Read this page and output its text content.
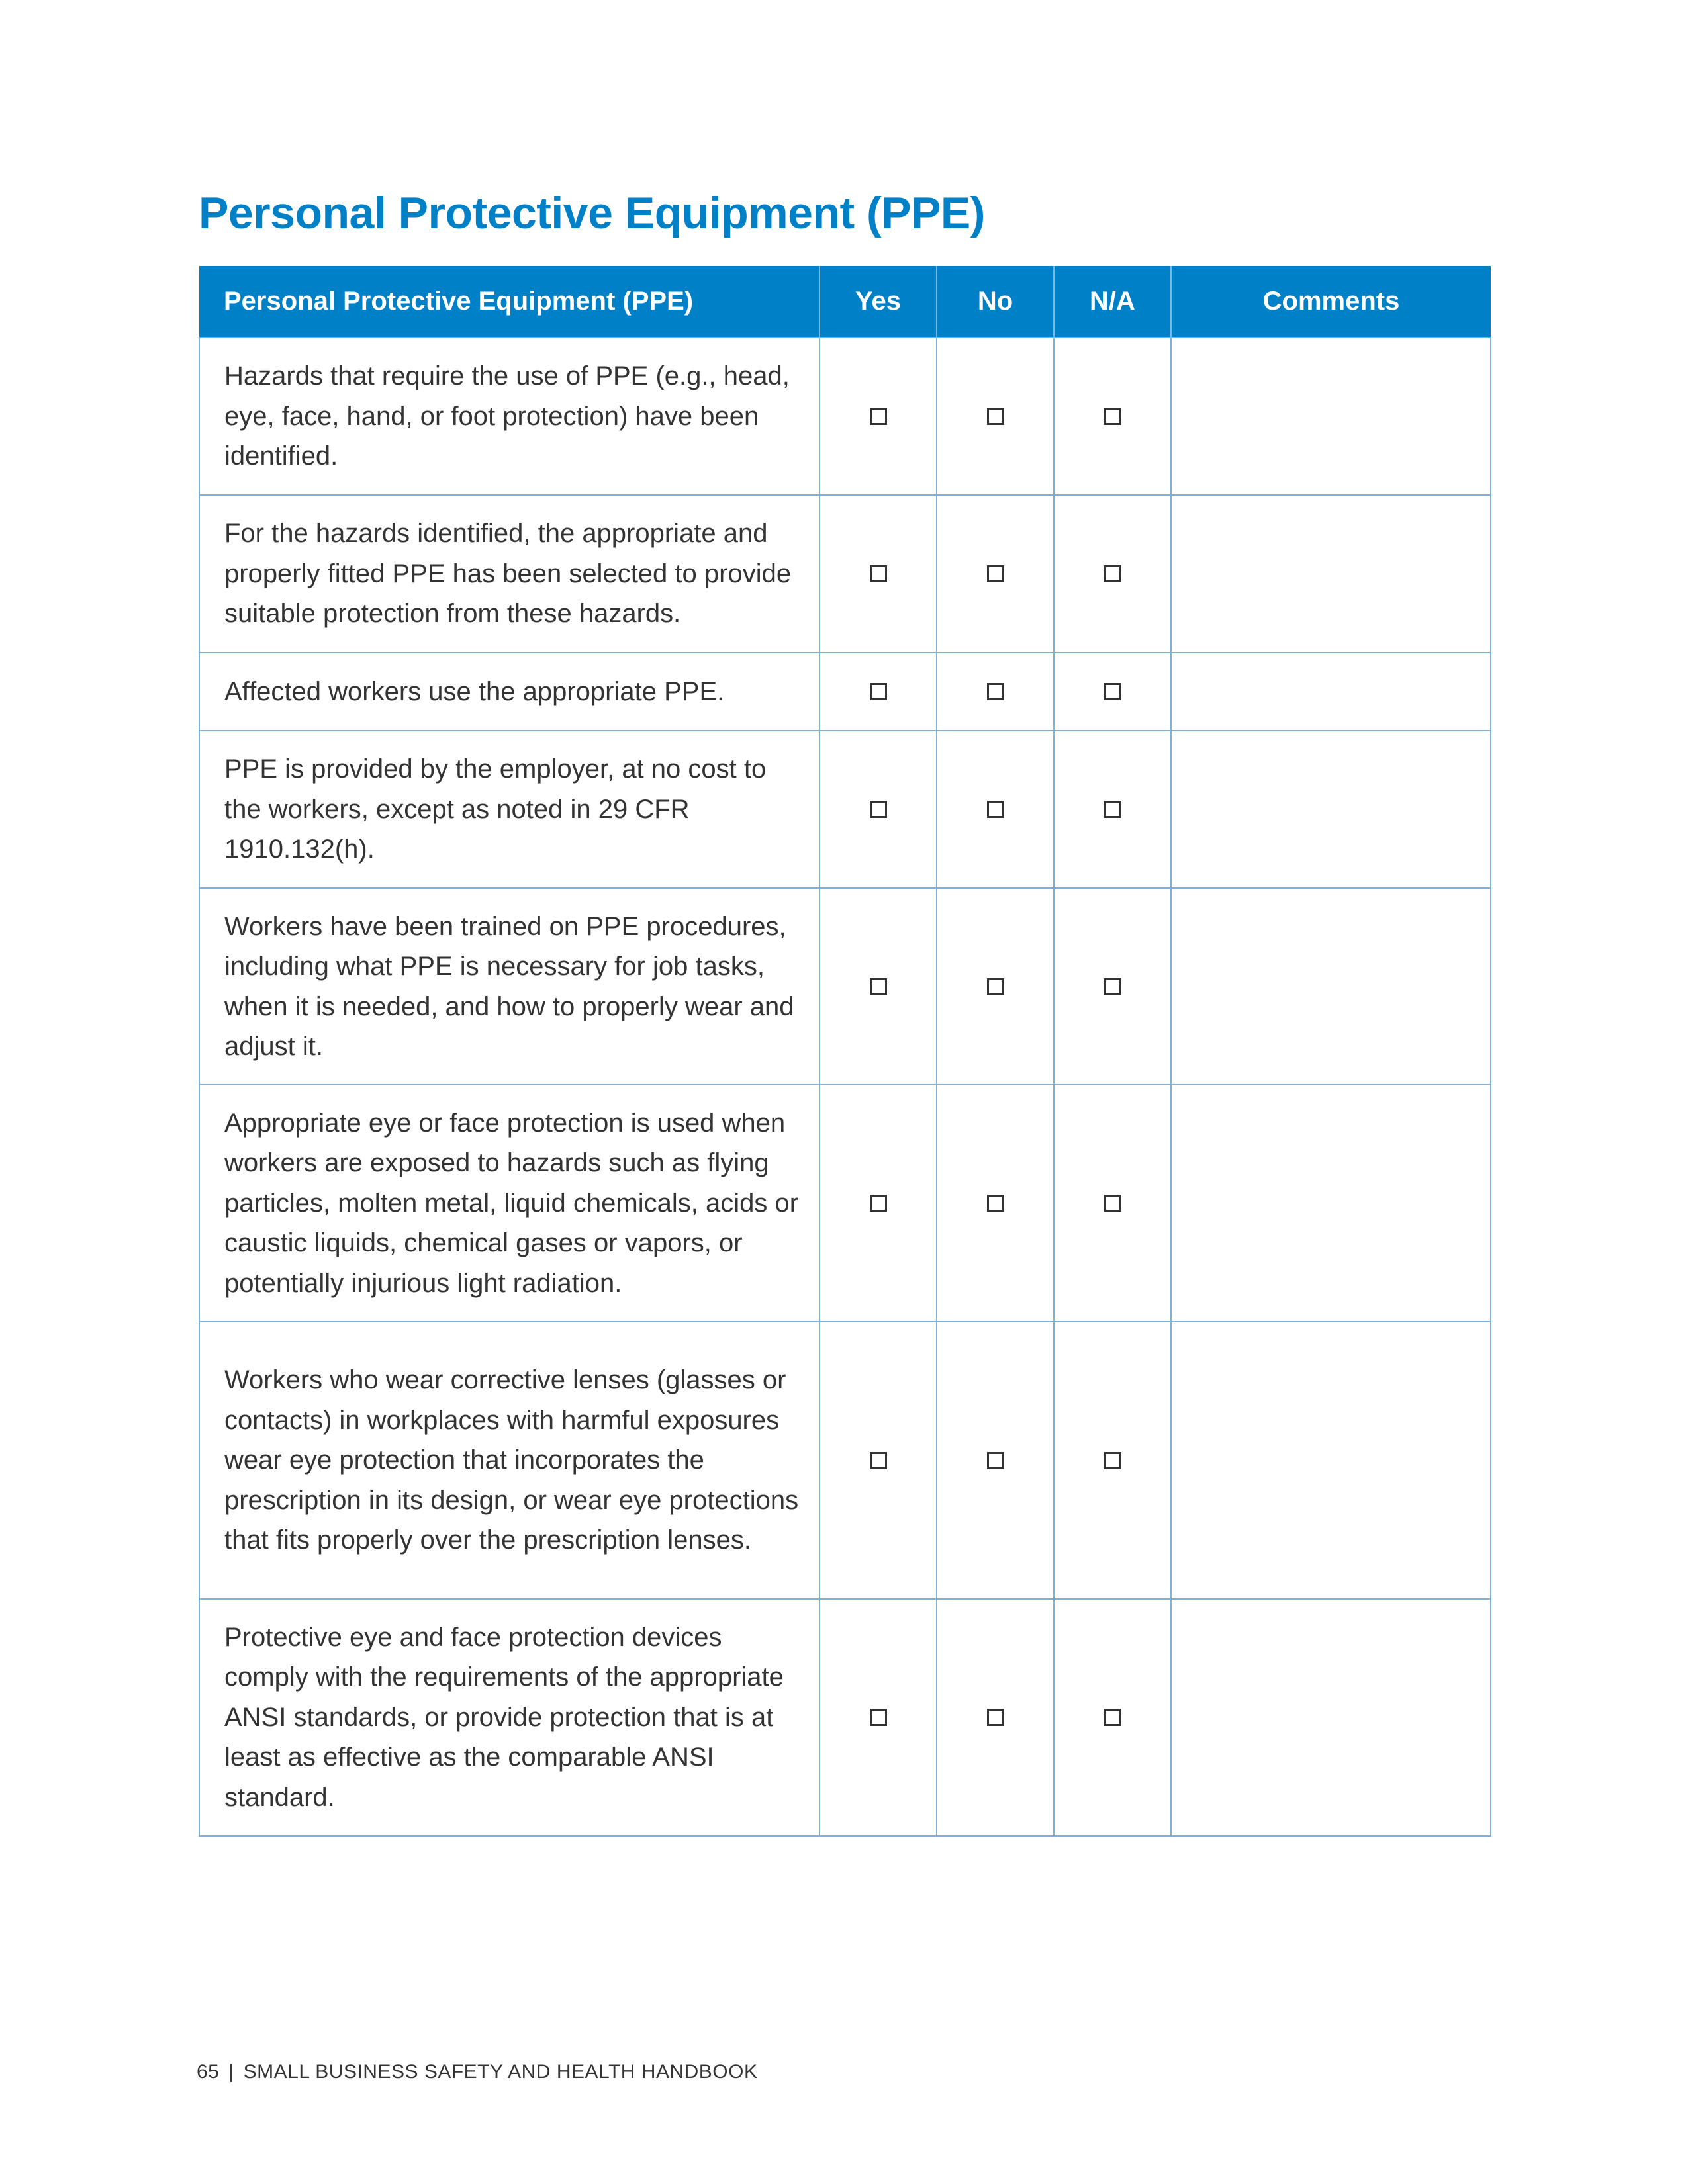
Personal Protective Equipment (PPE)
Personal Protective Equipment (PPE)	Yes	No	N/A	Comments
Hazards that require the use of PPE (e.g., head, eye, face, hand, or foot protection) have been identified.				
For the hazards identified, the appropriate and properly fitted PPE has been selected to provide suitable protection from these hazards.				
Affected workers use the appropriate PPE.				
PPE is provided by the employer, at no cost to the workers, except as noted in 29 CFR 1910.132(h).				
Workers have been trained on PPE procedures, including what PPE is necessary for job tasks, when it is needed, and how to properly wear and adjust it.				
Appropriate eye or face protection is used when workers are exposed to hazards such as flying particles, molten metal, liquid chemicals, acids or caustic liquids, chemical gases or vapors, or potentially injurious light radiation.				
Workers who wear corrective lenses (glasses or contacts) in workplaces with harmful exposures wear eye protection that incorporates the prescription in its design, or wear eye protections that fits properly over the prescription lenses.				
Protective eye and face protection devices comply with the requirements of the appropriate ANSI standards, or provide protection that is at least as effective as the comparable ANSI standard.				
65 | SMALL BUSINESS SAFETY AND HEALTH HANDBOOK
